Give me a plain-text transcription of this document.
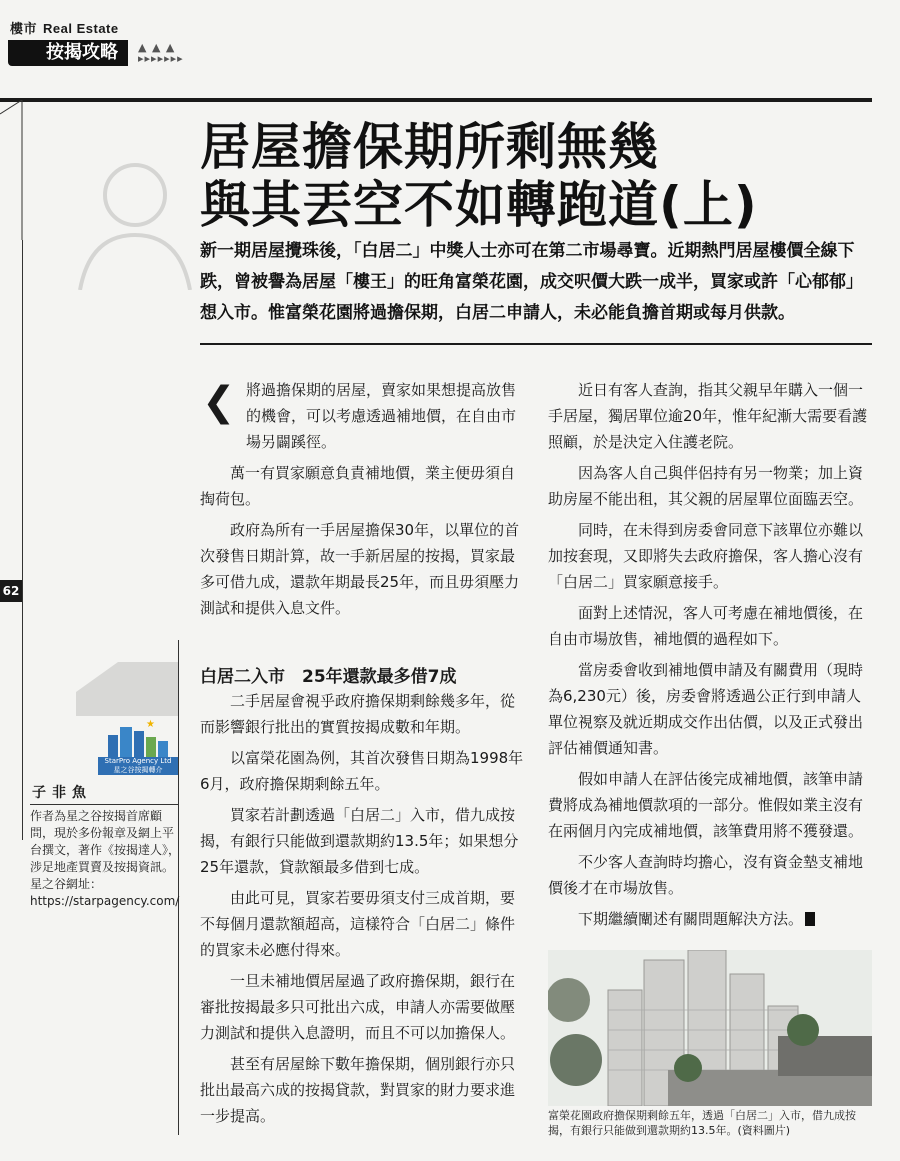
樓市 Real Estate
按揭攻略	▲ ▲ ▲
▸▸▸▸▸▸▸
62
居屋擔保期所剩無幾
與其丟空不如轉跑道(上)
新一期居屋攪珠後，「白居二」中獎人士亦可在第二市場尋寶。近期熱門居屋樓價全線下跌，曾被譽為居屋「樓王」的旺角富榮花園，成交呎價大跌一成半，買家或許「心郁郁」想入市。惟富榮花園將過擔保期，白居二申請人，未必能負擔首期或每月供款。
❮ 將過擔保期的居屋，賣家如果想提高放售的機會，可以考慮透過補地價，在自由市場另闢蹊徑。

萬一有買家願意負責補地價，業主便毋須自掏荷包。

政府為所有一手居屋擔保30年，以單位的首次發售日期計算，故一手新居屋的按揭，買家最多可借九成，還款年期最長25年，而且毋須壓力測試和提供入息文件。

白居二入市　25年還款最多借7成

二手居屋會視乎政府擔保期剩餘幾多年，從而影響銀行批出的實質按揭成數和年期。

以富榮花園為例，其首次發售日期為1998年6月，政府擔保期剩餘五年。

買家若計劃透過「白居二」入市，借九成按揭，有銀行只能做到還款期約13.5年；如果想分25年還款，貸款額最多借到七成。

由此可見，買家若要毋須支付三成首期，要不每個月還款額超高，這樣符合「白居二」條件的買家未必應付得來。

一旦未補地價居屋過了政府擔保期，銀行在審批按揭最多只可批出六成，申請人亦需要做壓力測試和提供入息證明，而且不可以加擔保人。

甚至有居屋餘下數年擔保期，個別銀行亦只批出最高六成的按揭貸款，對買家的財力要求進一步提高。

近日有客人查詢，指其父親早年購入一個一手居屋，獨居單位逾20年，惟年紀漸大需要看護照顧，於是決定入住護老院。

因為客人自己與伴侶持有另一物業；加上資助房屋不能出租，其父親的居屋單位面臨丟空。

同時，在未得到房委會同意下該單位亦難以加按套現，又即將失去政府擔保，客人擔心沒有「白居二」買家願意接手。

面對上述情況，客人可考慮在補地價後，在自由市場放售，補地價的過程如下。

當房委會收到補地價申請及有關費用（現時為6,230元）後，房委會將透過公正行到申請人單位視察及就近期成交作出估價，以及正式發出評估補價通知書。

假如申請人在評估後完成補地價，該筆申請費將成為補地價款項的一部分。惟假如業主沒有在兩個月內完成補地價，該筆費用將不獲發還。

不少客人查詢時均擔心，沒有資金墊支補地價後才在市場放售。

下期繼續闡述有關問題解決方法。

★
StarPro Agency Ltd
星之谷按揭轉介
子非魚
作者為星之谷按揭首席顧問，現於多份報章及網上平台撰文，著作《按揭達人》，涉足地產買賣及按揭資訊。
星之谷網址：
https://starpagency.com/
富榮花園政府擔保期剩餘五年，透過「白居二」入市，借九成按揭，有銀行只能做到還款期約13.5年。(資料圖片)
